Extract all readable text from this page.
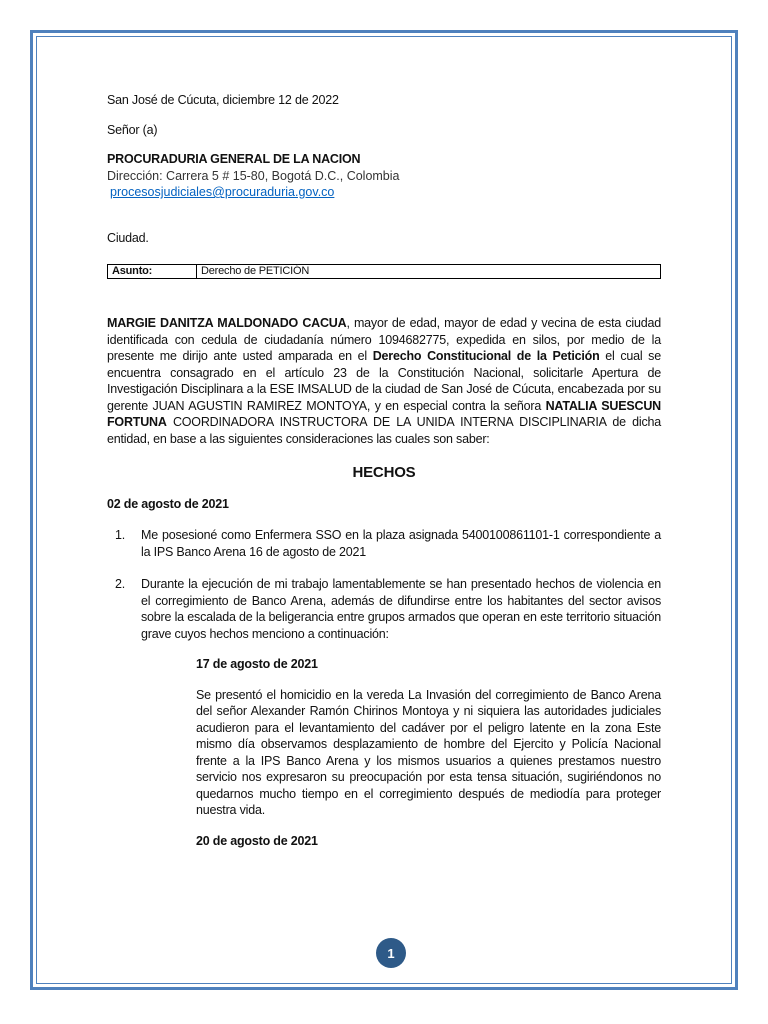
San José de Cúcuta, diciembre 12 de 2022
Señor (a)
PROCURADURIA GENERAL DE LA NACION
Dirección: Carrera 5 # 15-80, Bogotá D.C., Colombia
procesosjudiciales@procuraduria.gov.co
Ciudad.
Asunto:	Derecho de PETICIÓN
MARGIE DANITZA MALDONADO CACUA, mayor de edad, mayor de edad y vecina de esta ciudad identificada con cedula de ciudadanía número 1094682775, expedida en silos, por medio de la presente me dirijo ante usted amparada en el Derecho Constitucional de la Petición el cual se encuentra consagrado en el artículo 23 de la Constitución Nacional, solicitarle Apertura de Investigación Disciplinara a la ESE IMSALUD de la ciudad de San José de Cúcuta, encabezada por su gerente JUAN AGUSTIN RAMIREZ MONTOYA, y en especial contra la señora NATALIA SUESCUN FORTUNA COORDINADORA INSTRUCTORA DE LA UNIDA INTERNA DISCIPLINARIA de dicha entidad, en base a las siguientes consideraciones las cuales son saber:
HECHOS
02 de agosto de 2021
1. Me posesioné como Enfermera SSO en la plaza asignada 5400100861101-1 correspondiente a la IPS Banco Arena 16 de agosto de 2021
2. Durante la ejecución de mi trabajo lamentablemente se han presentado hechos de violencia en el corregimiento de Banco Arena, además de difundirse entre los habitantes del sector avisos sobre la escalada de la beligerancia entre grupos armados que operan en este territorio situación grave cuyos hechos menciono a continuación:
17 de agosto de 2021
Se presentó el homicidio en la vereda La Invasión del corregimiento de Banco Arena del señor Alexander Ramón Chirinos Montoya y ni siquiera las autoridades judiciales acudieron para el levantamiento del cadáver por el peligro latente en la zona Este mismo día observamos desplazamiento de hombre del Ejercito y Policía Nacional frente a la IPS Banco Arena y los mismos usuarios a quienes prestamos nuestro servicio nos expresaron su preocupación por esta tensa situación, sugiriéndonos no quedarnos mucho tiempo en el corregimiento después de mediodía para proteger nuestra vida.
20 de agosto de 2021
1
